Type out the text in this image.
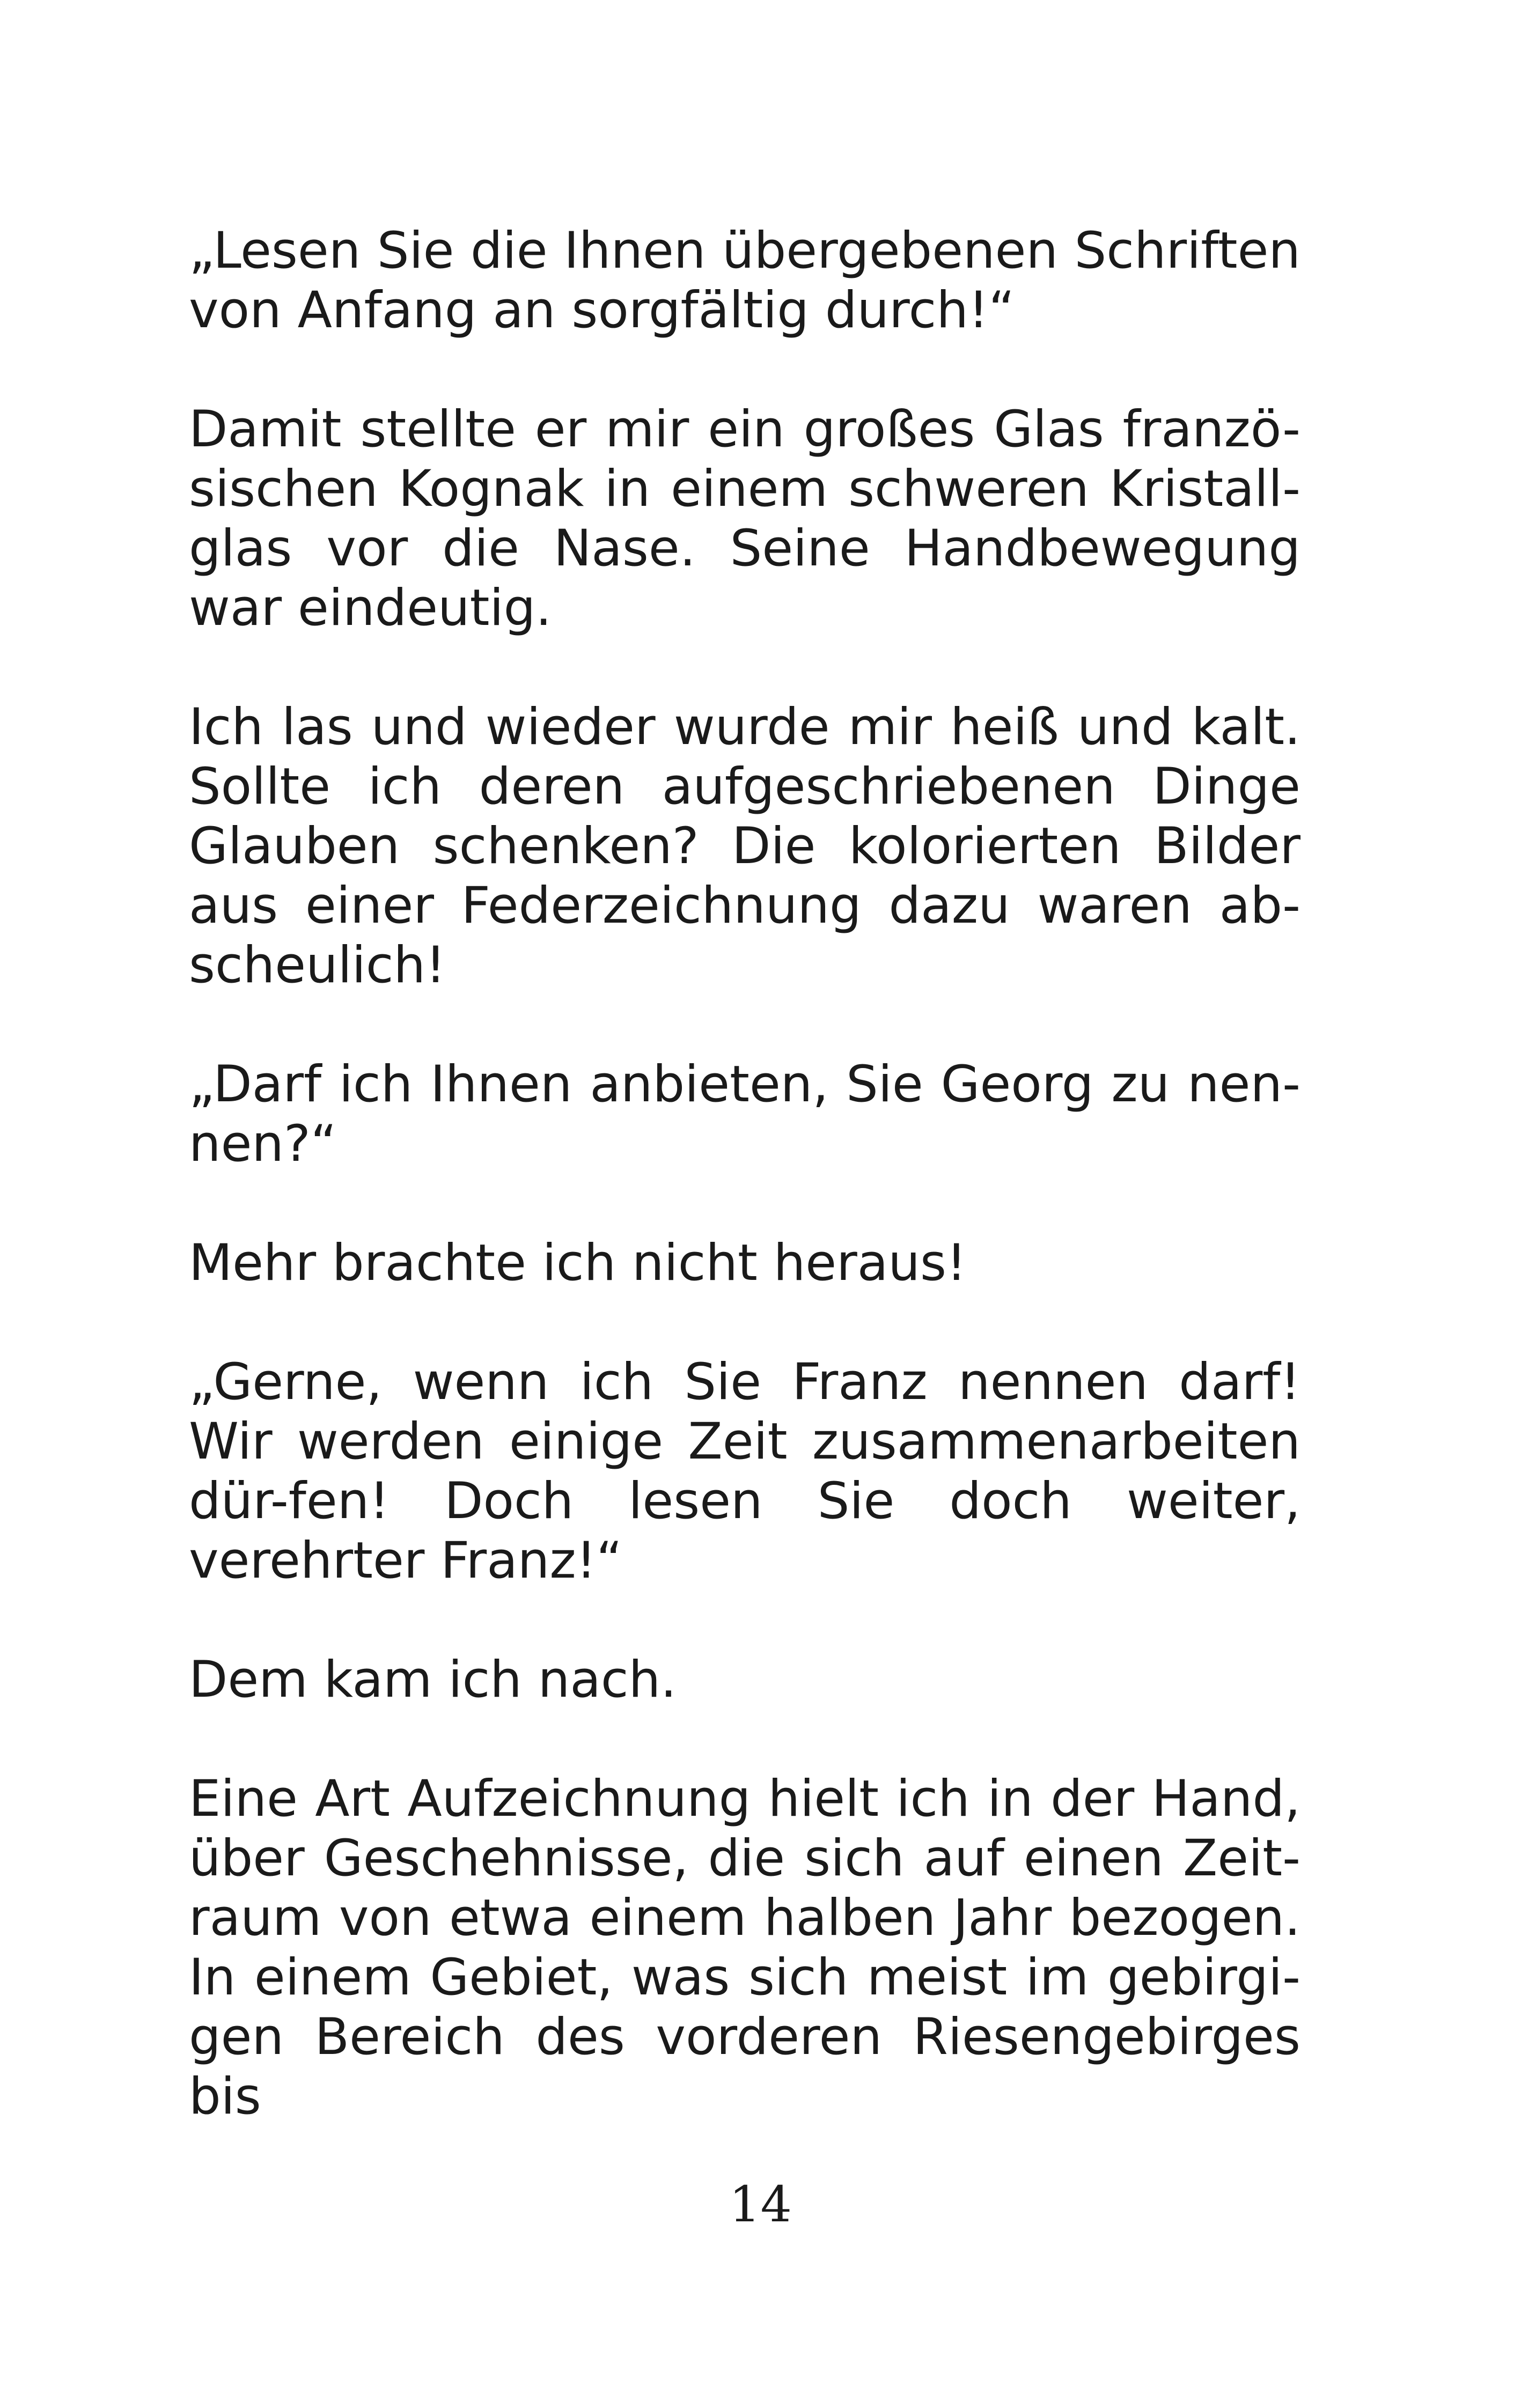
„Lesen Sie die Ihnen übergebenen Schriften von Anfang an sorgfältig durch!“

Damit stellte er mir ein großes Glas franzö-sischen Kognak in einem schweren Kristall-glas vor die Nase. Seine Handbewegung war eindeutig.

Ich las und wieder wurde mir heiß und kalt. Sollte ich deren aufgeschriebenen Dinge Glauben schenken? Die kolorierten Bilder aus einer Federzeichnung dazu waren ab-scheulich!

„Darf ich Ihnen anbieten, Sie Georg zu nen-nen?“

Mehr brachte ich nicht heraus!

„Gerne, wenn ich Sie Franz nennen darf! Wir werden einige Zeit zusammenarbeiten dür-fen! Doch lesen Sie doch weiter, verehrter Franz!“

Dem kam ich nach.

Eine Art Aufzeichnung hielt ich in der Hand, über Geschehnisse, die sich auf einen Zeit-raum von etwa einem halben Jahr bezogen. In einem Gebiet, was sich meist im gebirgi-gen Bereich des vorderen Riesengebirges bis

14
